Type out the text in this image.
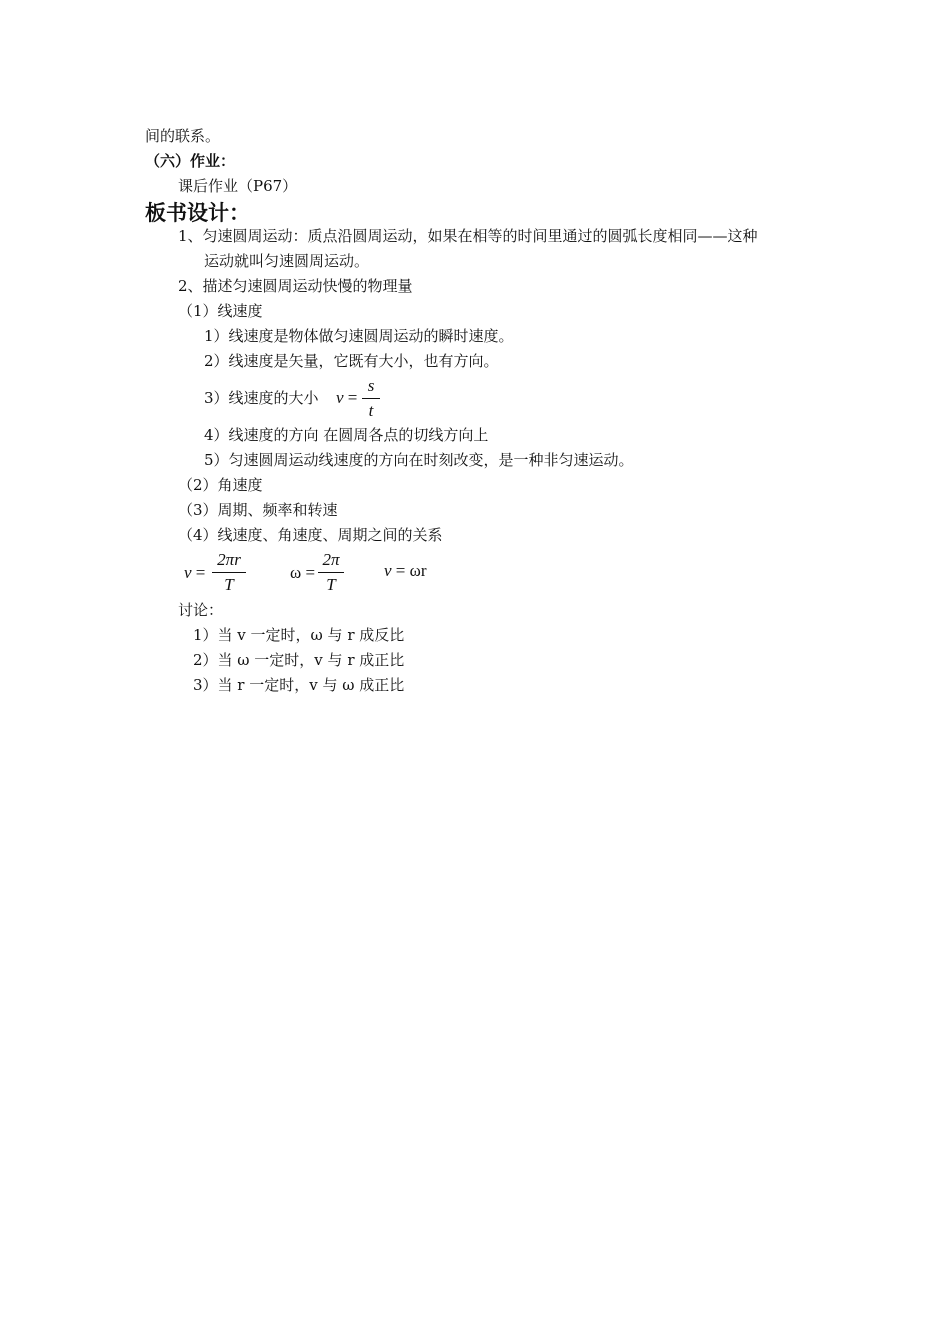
间的联系。
（六）作业：
课后作业（P67）
板书设计：
1、匀速圆周运动：质点沿圆周运动，如果在相等的时间里通过的圆弧长度相同——这种
运动就叫匀速圆周运动。
2、描述匀速圆周运动快慢的物理量
（1）线速度
1）线速度是物体做匀速圆周运动的瞬时速度。
2）线速度是矢量，它既有大小，也有方向。
3）线速度的大小 v =
s
t
4）线速度的方向 在圆周各点的切线方向上
5）匀速圆周运动线速度的方向在时刻改变，是一种非匀速运动。
（2）角速度
（3）周期、频率和转速
（4）线速度、角速度、周期之间的关系
v =
2πr
T
ω =
2π
T
v = ωr
讨论：
1）当 v 一定时，ω 与 r 成反比
2）当 ω 一定时，v 与 r 成正比
3）当 r 一定时，v 与 ω 成正比
